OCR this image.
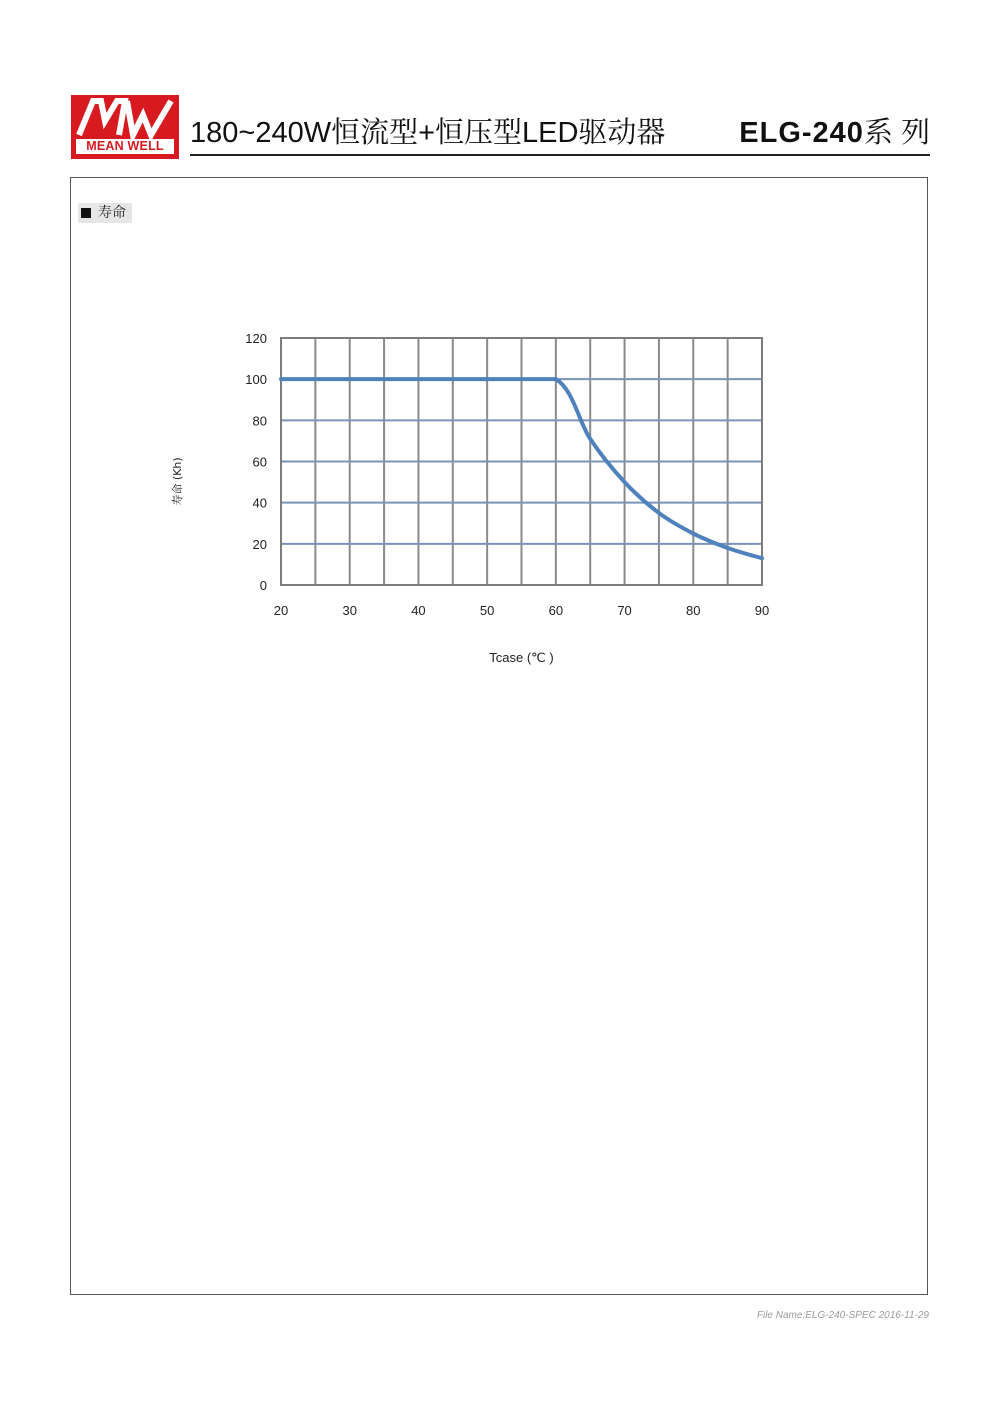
MEAN WELL 180~240W恒流型+恒压型LED驱动器	ELG-240系 列
寿命
20	30	40	50	60	70	80	90
0
20
40
60
80
100
120
Tcase (℃ )
寿命 (Kh)
File Name:ELG-240-SPEC 2016-11-29
